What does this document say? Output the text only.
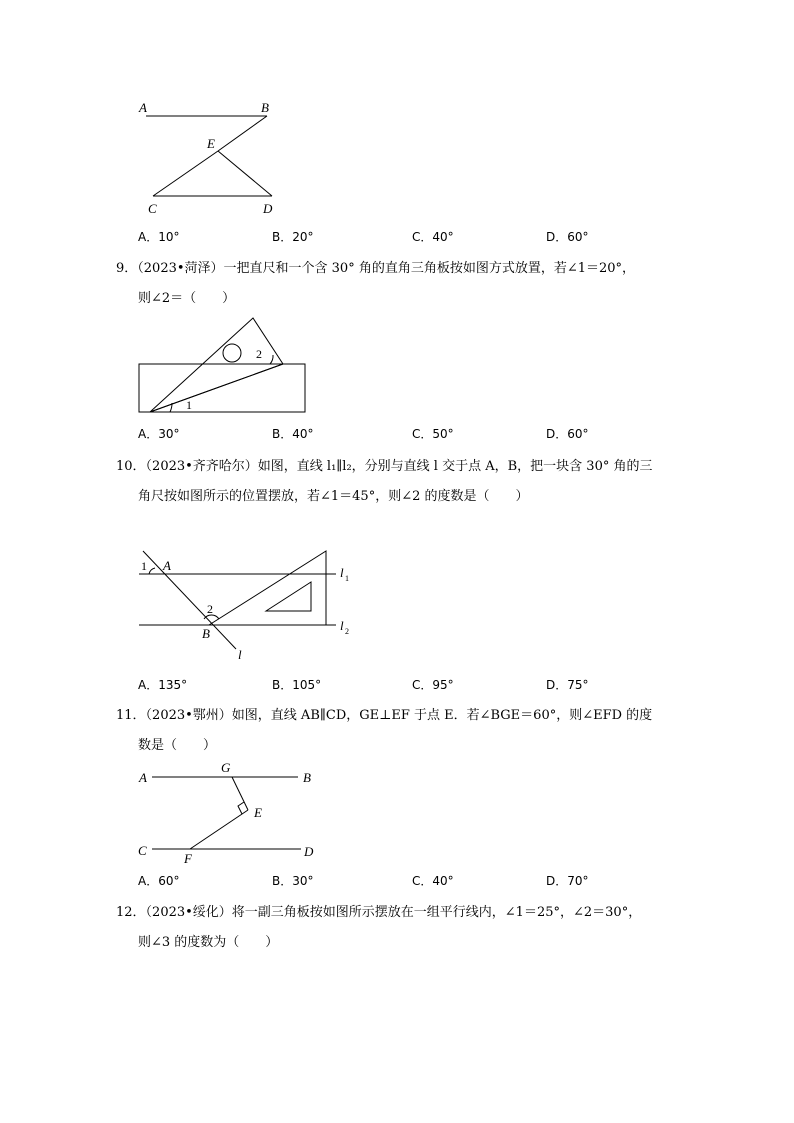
A	B
E
C	D
A．10°	B．20°	C．40°	D．60°
9．（2023•菏泽）一把直尺和一个含 30° 角的直角三角板按如图方式放置，若∠1＝20°，
则∠2＝（　　）
1
2
A．30°	B．40°	C．50°	D．60°
10．（2023•齐齐哈尔）如图，直线 l₁∥l₂，分别与直线 l 交于点 A，B，把一块含 30° 角的三
角尺按如图所示的位置摆放，若∠1＝45°，则∠2 的度数是（　　）
1 A
2
B
l
l 1
l 2
A．135°	B．105°	C．95°	D．75°
11．（2023•鄂州）如图，直线 AB∥CD，GE⊥EF 于点 E．若∠BGE＝60°，则∠EFD 的度
数是（　　）
A
G
B
E
C
F	D
A．60°	B．30°	C．40°	D．70°
12．（2023•绥化）将一副三角板按如图所示摆放在一组平行线内，∠1＝25°，∠2＝30°，
则∠3 的度数为（　　）
